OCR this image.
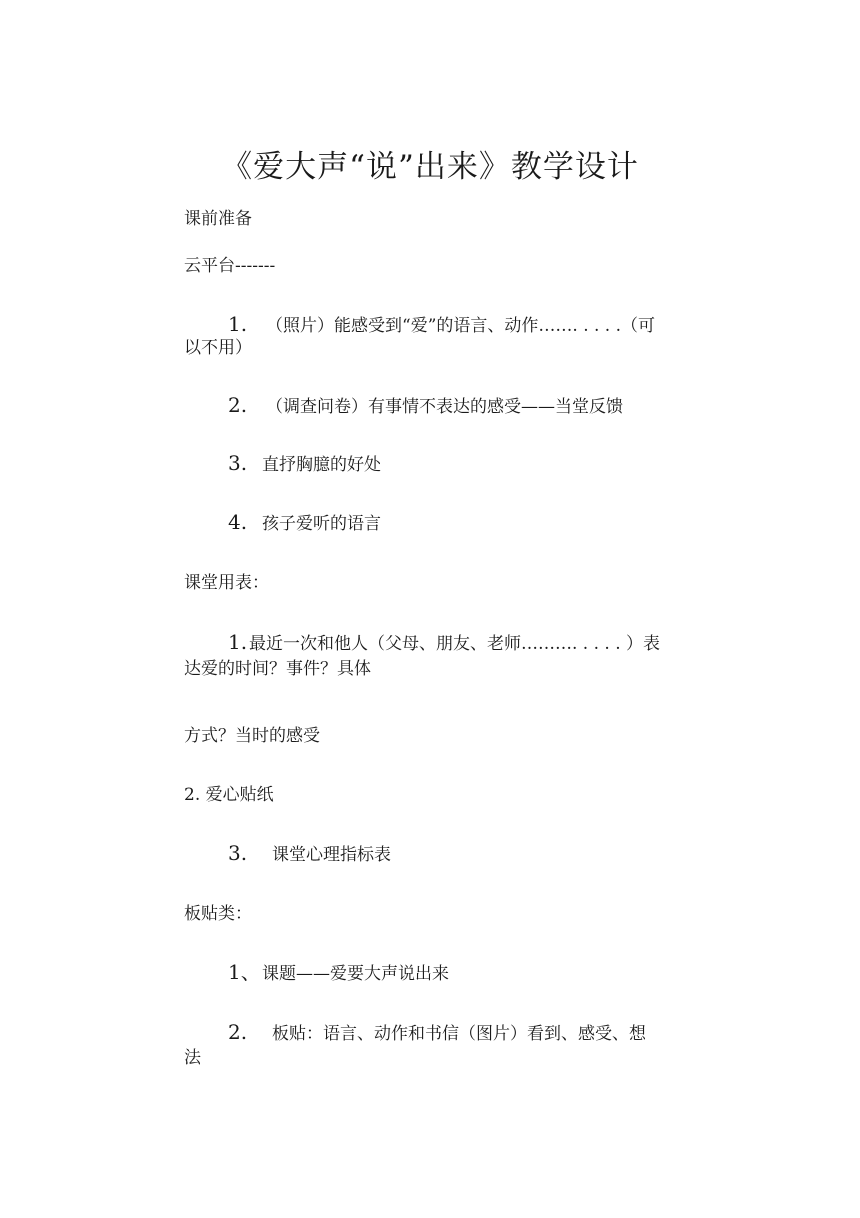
《爱大声“说”出来》教学设计

课前准备

云平台-------

1. （照片）能感受到“爱”的语言、动作……. . . . .（可

以不用）

2. （调查问卷）有事情不表达的感受——当堂反馈

3. 直抒胸臆的好处

4. 孩子爱听的语言

课堂用表：

1. 最近一次和他人（父母、朋友、老师………. . . . . ）表

达爱的时间？事件？具体

方式？当时的感受

2. 爱心贴纸

3. 课堂心理指标表

板贴类：

1、 课题——爱要大声说出来

2. 板贴：语言、动作和书信（图片）看到、感受、想

法
